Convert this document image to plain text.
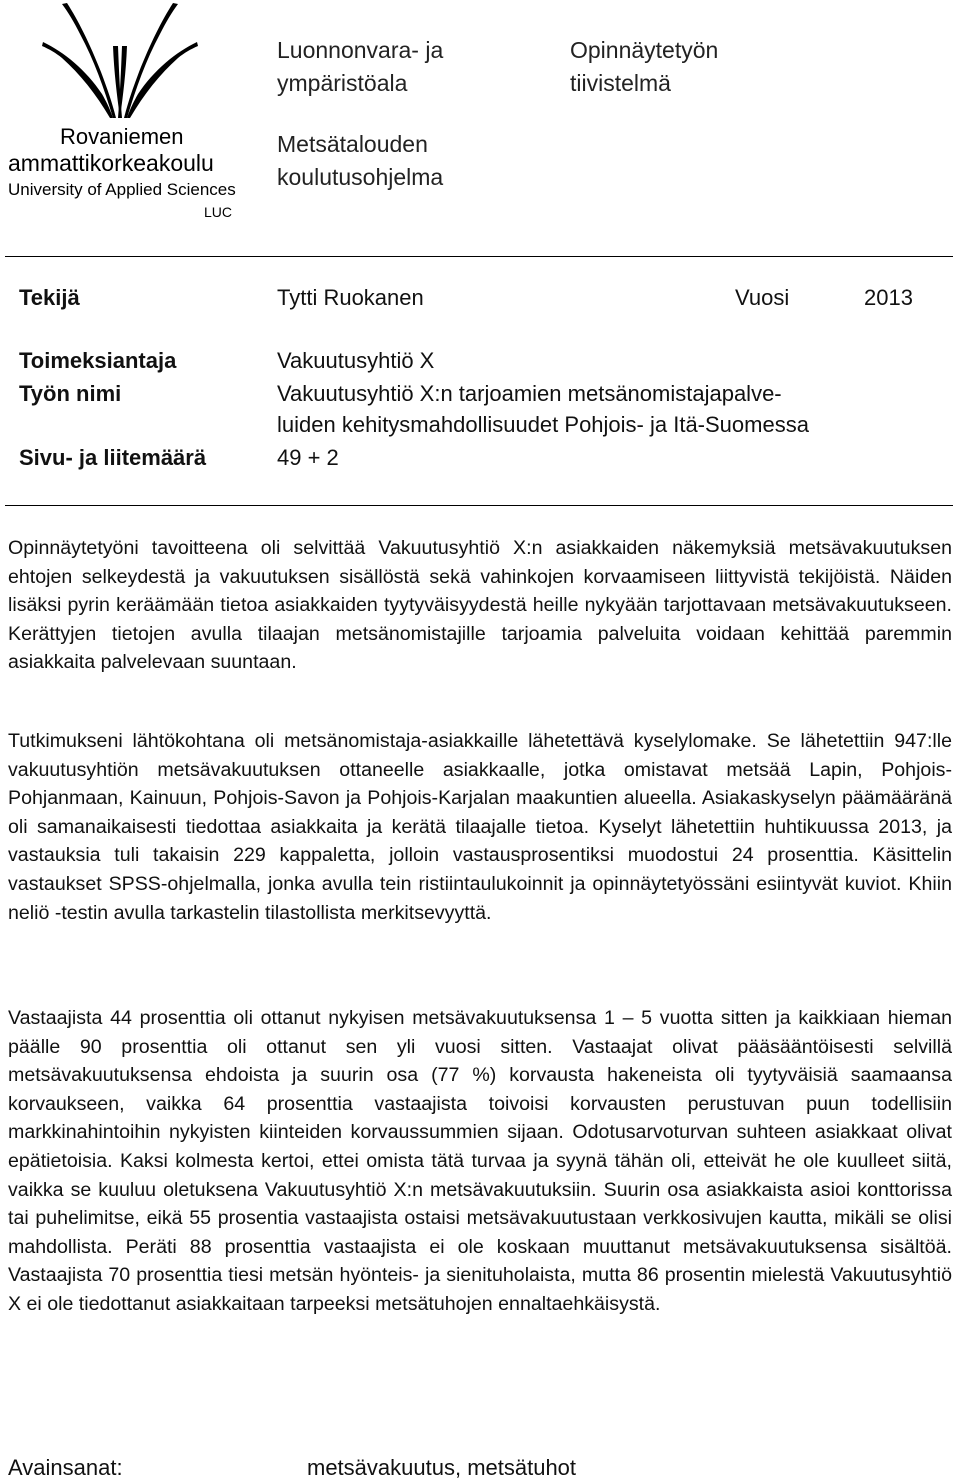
Rovaniemen
ammattikorkeakoulu
University of Applied Sciences
LUC
Luonnonvara- ja
ympäristöala
Metsätalouden
koulutusohjelma
Opinnäytetyön
tiivistelmä
Tekijä	Tytti Ruokanen	Vuosi	2013
Toimeksiantaja	Vakuutusyhtiö X
Työn nimi	Vakuutusyhtiö X:n tarjoamien metsänomistajapalve-
luiden kehitysmahdollisuudet Pohjois- ja Itä-Suomessa
Sivu- ja liitemäärä	49 + 2

Opinnäytetyöni tavoitteena oli selvittää Vakuutusyhtiö X:n asiakkaiden näkemyksiä metsävakuutuksen ehtojen selkeydestä ja vakuutuksen sisällöstä sekä vahinkojen korvaamiseen liittyvistä tekijöistä. Näiden lisäksi pyrin keräämään tietoa asiakkaiden tyytyväisyydestä heille nykyään tarjottavaan metsävakuutukseen. Kerättyjen tietojen avulla tilaajan metsänomistajille tarjoamia palveluita voidaan kehittää paremmin asiakkaita palvelevaan suuntaan.

Tutkimukseni lähtökohtana oli metsänomistaja-asiakkaille lähetettävä kyselylomake. Se lähetettiin 947:lle vakuutusyhtiön metsävakuutuksen ottaneelle asiakkaalle, jotka omistavat metsää Lapin, Pohjois-Pohjanmaan, Kainuun, Pohjois-Savon ja Pohjois-Karjalan maakuntien alueella. Asiakaskyselyn päämääränä oli samanaikaisesti tiedottaa asiakkaita ja kerätä tilaajalle tietoa. Kyselyt lähetettiin huhtikuussa 2013, ja vastauksia tuli takaisin 229 kappaletta, jolloin vastausprosentiksi muodostui 24 prosenttia. Käsittelin vastaukset SPSS-ohjelmalla, jonka avulla tein ristiintaulukoinnit ja opinnäytetyössäni esiintyvät kuviot. Khiin neliö -testin avulla tarkastelin tilastollista merkitsevyyttä.

Vastaajista 44 prosenttia oli ottanut nykyisen metsävakuutuksensa 1 – 5 vuotta sitten ja kaikkiaan hieman päälle 90 prosenttia oli ottanut sen yli vuosi sitten. Vastaajat olivat pääsääntöisesti selvillä metsävakuutuksensa ehdoista ja suurin osa (77 %) korvausta hakeneista oli tyytyväisiä saamaansa korvaukseen, vaikka 64 prosenttia vastaajista toivoisi korvausten perustuvan puun todellisiin markkinahintoihin nykyisten kiinteiden korvaussummien sijaan. Odotusarvoturvan suhteen asiakkaat olivat epätietoisia. Kaksi kolmesta kertoi, ettei omista tätä turvaa ja syynä tähän oli, etteivät he ole kuulleet siitä, vaikka se kuuluu oletuksena Vakuutusyhtiö X:n metsävakuutuksiin. Suurin osa asiakkaista asioi konttorissa tai puhelimitse, eikä 55 prosentia vastaajista ostaisi metsävakuutustaan verkkosivujen kautta, mikäli se olisi mahdollista. Peräti 88 prosenttia vastaajista ei ole koskaan muuttanut metsävakuutuksensa sisältöä. Vastaajista 70 prosenttia tiesi metsän hyönteis- ja sienituholaista, mutta 86 prosentin mielestä Vakuutusyhtiö X ei ole tiedottanut asiakkaitaan tarpeeksi metsätuhojen ennaltaehkäisystä.

Avainsanat:	metsävakuutus, metsätuhot
